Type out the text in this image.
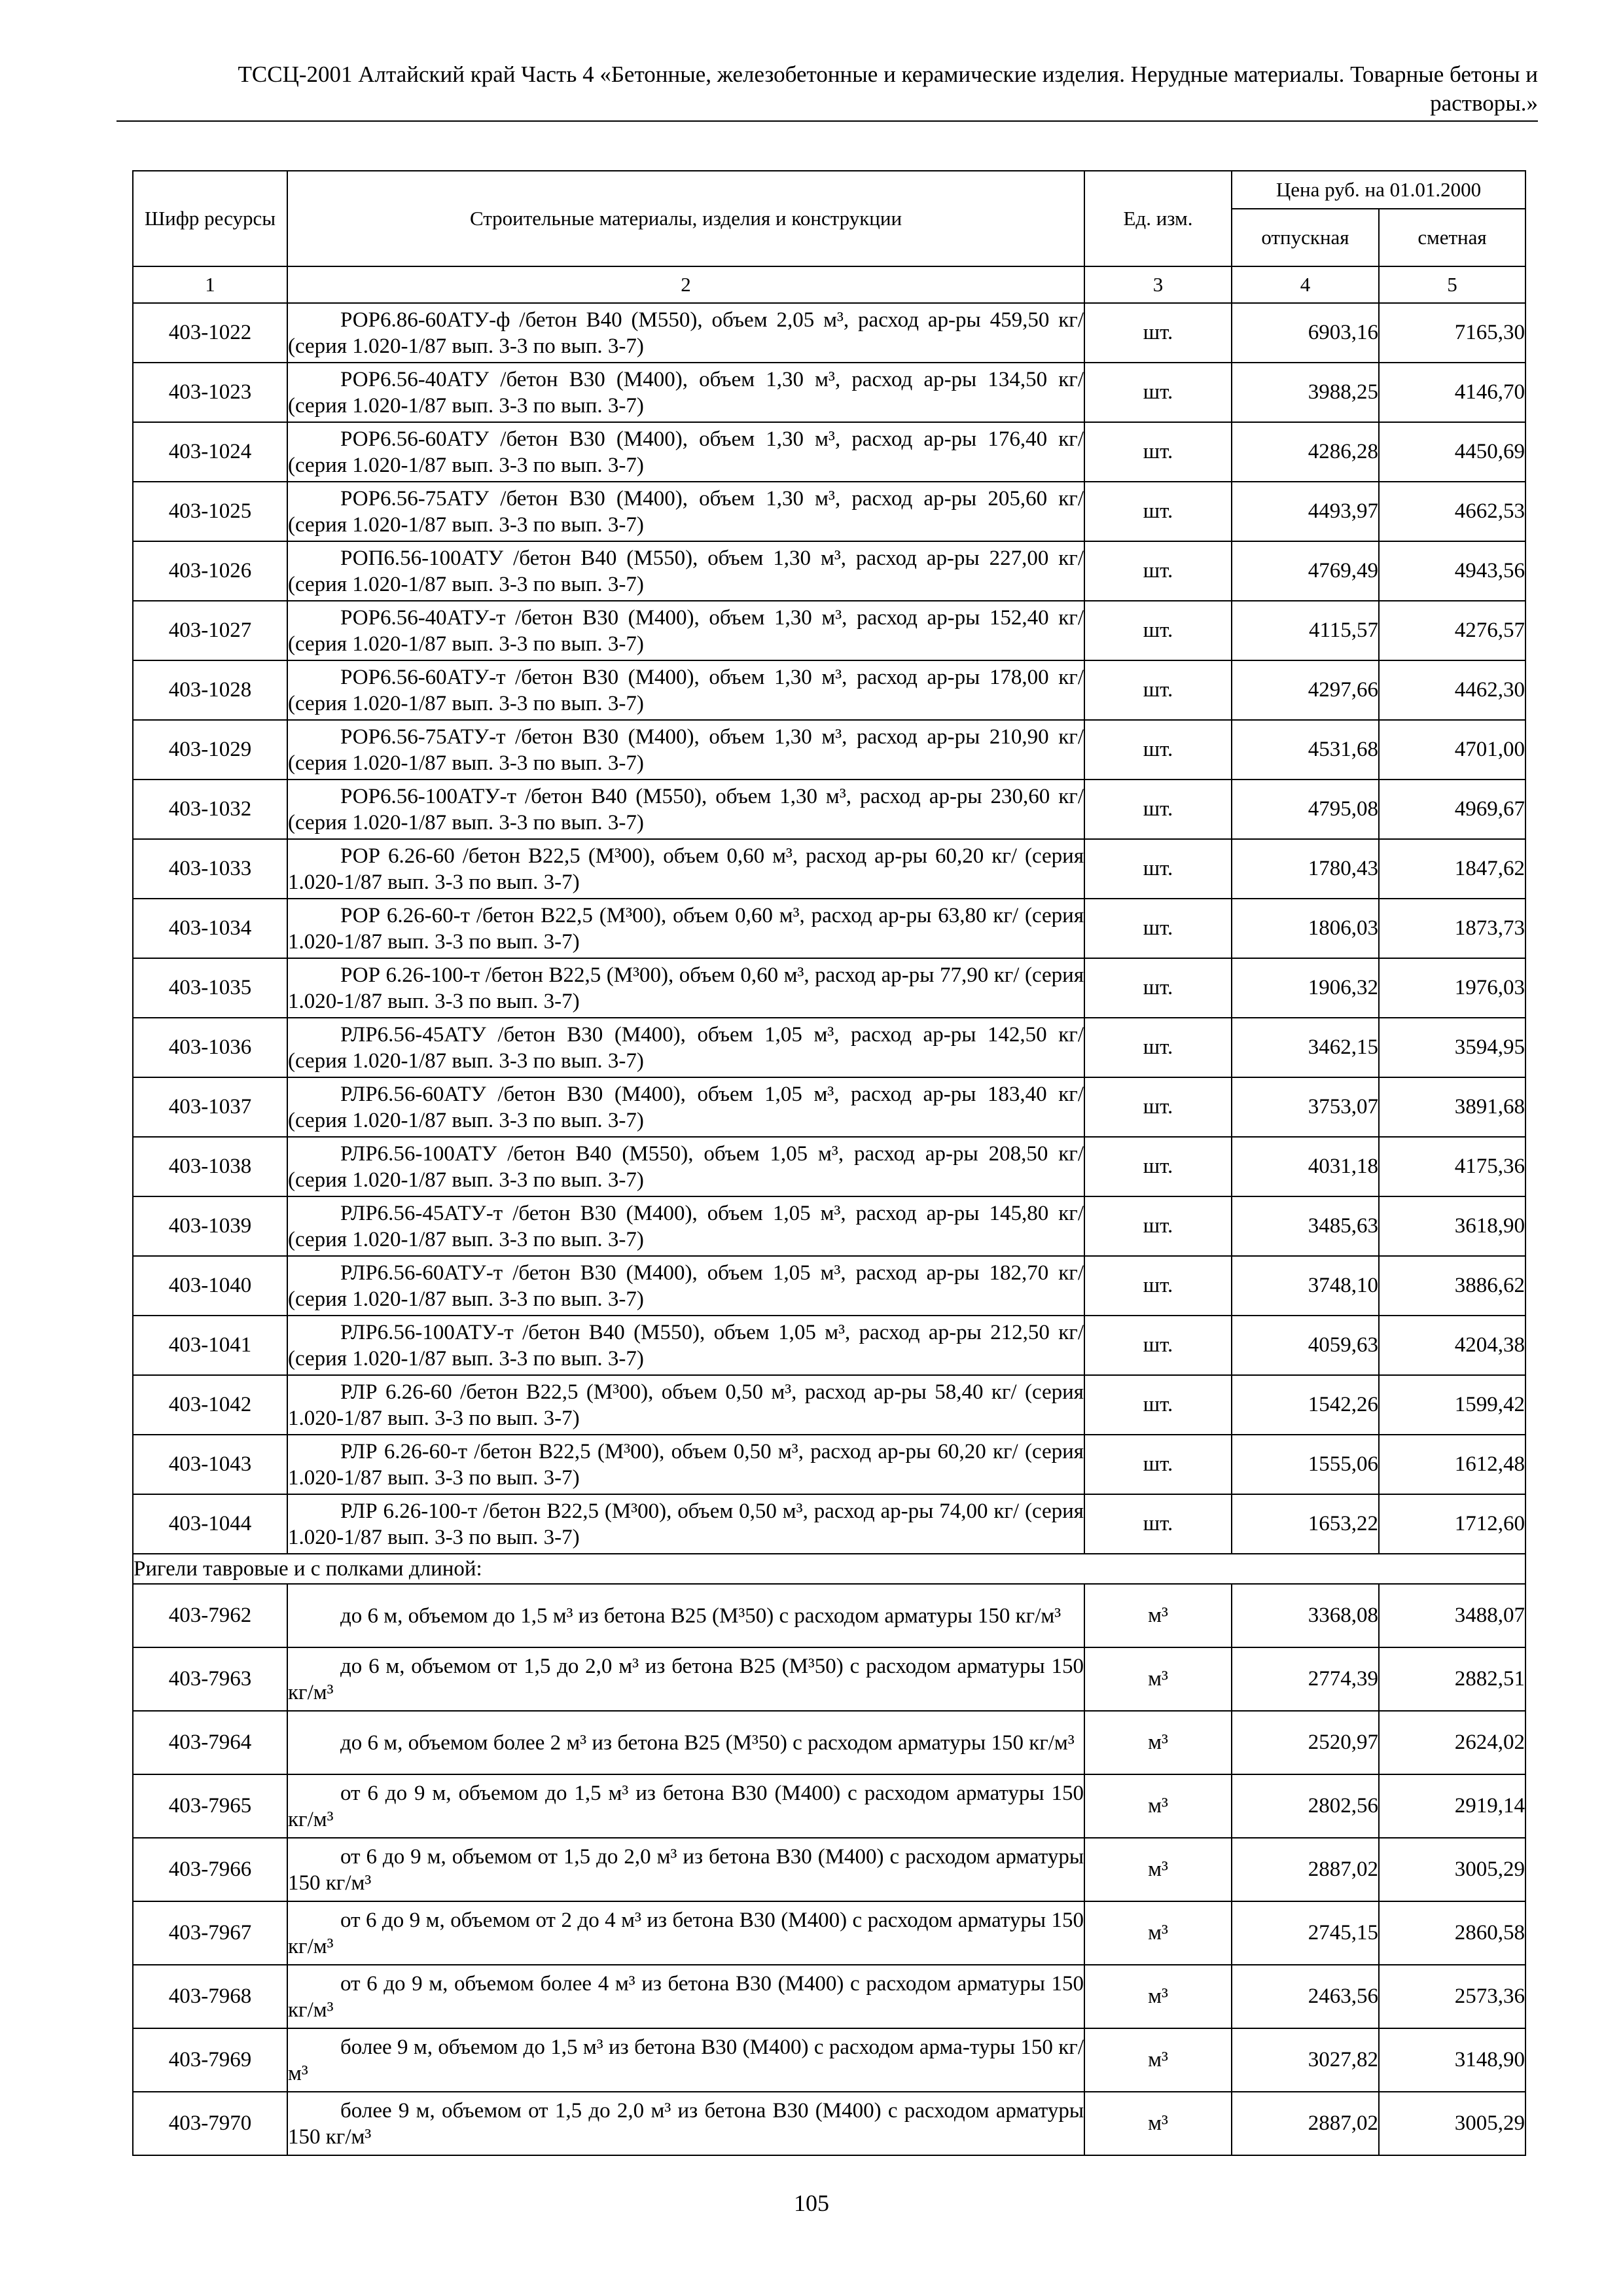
ТССЦ-2001 Алтайский край Часть 4 «Бетонные, железобетонные и керамические изделия. Нерудные материалы. Товарные бетоны и
растворы.»
Шифр ресурсы	Строительные материалы, изделия и конструкции	Ед. изм.	Цена руб. на 01.01.2000	
			отпускная	сметная
1	2	3	4	5
403-1022	РОР6.86-60АТУ-ф /бетон В40 (М550), объем 2,05 м³, расход ар-ры 459,50 кг/ (серия 1.020-1/87 вып. 3-3 по вып. 3-7)	шт.	6903,16	7165,30
403-1023	РОР6.56-40АТУ /бетон В30 (М400), объем 1,30 м³, расход ар-ры 134,50 кг/ (серия 1.020-1/87 вып. 3-3 по вып. 3-7)	шт.	3988,25	4146,70
403-1024	РОР6.56-60АТУ /бетон В30 (М400), объем 1,30 м³, расход ар-ры 176,40 кг/ (серия 1.020-1/87 вып. 3-3 по вып. 3-7)	шт.	4286,28	4450,69
403-1025	РОР6.56-75АТУ /бетон В30 (М400), объем 1,30 м³, расход ар-ры 205,60 кг/ (серия 1.020-1/87 вып. 3-3 по вып. 3-7)	шт.	4493,97	4662,53
403-1026	РОП6.56-100АТУ /бетон В40 (М550), объем 1,30 м³, расход ар-ры 227,00 кг/ (серия 1.020-1/87 вып. 3-3 по вып. 3-7)	шт.	4769,49	4943,56
403-1027	РОР6.56-40АТУ-т /бетон В30 (М400), объем 1,30 м³, расход ар-ры 152,40 кг/ (серия 1.020-1/87 вып. 3-3 по вып. 3-7)	шт.	4115,57	4276,57
403-1028	РОР6.56-60АТУ-т /бетон В30 (М400), объем 1,30 м³, расход ар-ры 178,00 кг/ (серия 1.020-1/87 вып. 3-3 по вып. 3-7)	шт.	4297,66	4462,30
403-1029	РОР6.56-75АТУ-т /бетон В30 (М400), объем 1,30 м³, расход ар-ры 210,90 кг/ (серия 1.020-1/87 вып. 3-3 по вып. 3-7)	шт.	4531,68	4701,00
403-1032	РОР6.56-100АТУ-т /бетон В40 (М550), объем 1,30 м³, расход ар-ры 230,60 кг/ (серия 1.020-1/87 вып. 3-3 по вып. 3-7)	шт.	4795,08	4969,67
403-1033	РОР 6.26-60 /бетон В22,5 (М³00), объем 0,60 м³, расход ар-ры 60,20 кг/ (серия 1.020-1/87 вып. 3-3 по вып. 3-7)	шт.	1780,43	1847,62
403-1034	РОР 6.26-60-т /бетон В22,5 (М³00), объем 0,60 м³, расход ар-ры 63,80 кг/ (серия 1.020-1/87 вып. 3-3 по вып. 3-7)	шт.	1806,03	1873,73
403-1035	РОР 6.26-100-т /бетон В22,5 (М³00), объем 0,60 м³, расход ар-ры 77,90 кг/ (серия 1.020-1/87 вып. 3-3 по вып. 3-7)	шт.	1906,32	1976,03
403-1036	РЛР6.56-45АТУ /бетон В30 (М400), объем 1,05 м³, расход ар-ры 142,50 кг/ (серия 1.020-1/87 вып. 3-3 по вып. 3-7)	шт.	3462,15	3594,95
403-1037	РЛР6.56-60АТУ /бетон В30 (М400), объем 1,05 м³, расход ар-ры 183,40 кг/ (серия 1.020-1/87 вып. 3-3 по вып. 3-7)	шт.	3753,07	3891,68
403-1038	РЛР6.56-100АТУ /бетон В40 (М550), объем 1,05 м³, расход ар-ры 208,50 кг/ (серия 1.020-1/87 вып. 3-3 по вып. 3-7)	шт.	4031,18	4175,36
403-1039	РЛР6.56-45АТУ-т /бетон В30 (М400), объем 1,05 м³, расход ар-ры 145,80 кг/ (серия 1.020-1/87 вып. 3-3 по вып. 3-7)	шт.	3485,63	3618,90
403-1040	РЛР6.56-60АТУ-т /бетон В30 (М400), объем 1,05 м³, расход ар-ры 182,70 кг/ (серия 1.020-1/87 вып. 3-3 по вып. 3-7)	шт.	3748,10	3886,62
403-1041	РЛР6.56-100АТУ-т /бетон В40 (М550), объем 1,05 м³, расход ар-ры 212,50 кг/ (серия 1.020-1/87 вып. 3-3 по вып. 3-7)	шт.	4059,63	4204,38
403-1042	РЛР 6.26-60 /бетон В22,5 (М³00), объем 0,50 м³, расход ар-ры 58,40 кг/ (серия 1.020-1/87 вып. 3-3 по вып. 3-7)	шт.	1542,26	1599,42
403-1043	РЛР 6.26-60-т /бетон В22,5 (М³00), объем 0,50 м³, расход ар-ры 60,20 кг/ (серия 1.020-1/87 вып. 3-3 по вып. 3-7)	шт.	1555,06	1612,48
403-1044	РЛР 6.26-100-т /бетон В22,5 (М³00), объем 0,50 м³, расход ар-ры 74,00 кг/ (серия 1.020-1/87 вып. 3-3 по вып. 3-7)	шт.	1653,22	1712,60
Ригели тавровые и с полками длиной:				
403-7962	до 6 м, объемом до 1,5 м³ из бетона В25 (М³50) с расходом арматуры 150 кг/м³	м³	3368,08	3488,07
403-7963	до 6 м, объемом от 1,5 до 2,0 м³ из бетона В25 (М³50) с расходом арматуры 150 кг/м³	м³	2774,39	2882,51
403-7964	до 6 м, объемом более 2 м³ из бетона В25 (М³50) с расходом арматуры 150 кг/м³	м³	2520,97	2624,02
403-7965	от 6 до 9 м, объемом до 1,5 м³ из бетона В30 (М400) с расходом арматуры 150 кг/м³	м³	2802,56	2919,14
403-7966	от 6 до 9 м, объемом от 1,5 до 2,0 м³ из бетона В30 (М400) с расходом арматуры 150 кг/м³	м³	2887,02	3005,29
403-7967	от 6 до 9 м, объемом от 2 до 4 м³ из бетона В30 (М400) с расходом арматуры 150 кг/м³	м³	2745,15	2860,58
403-7968	от 6 до 9 м, объемом более 4 м³ из бетона В30 (М400) с расходом арматуры 150 кг/м³	м³	2463,56	2573,36
403-7969	более 9 м, объемом до 1,5 м³ из бетона В30 (М400) с расходом арма-туры 150 кг/м³	м³	3027,82	3148,90
403-7970	более 9 м, объемом от 1,5 до 2,0 м³ из бетона В30 (М400) с расходом арматуры 150 кг/м³	м³	2887,02	3005,29
105
